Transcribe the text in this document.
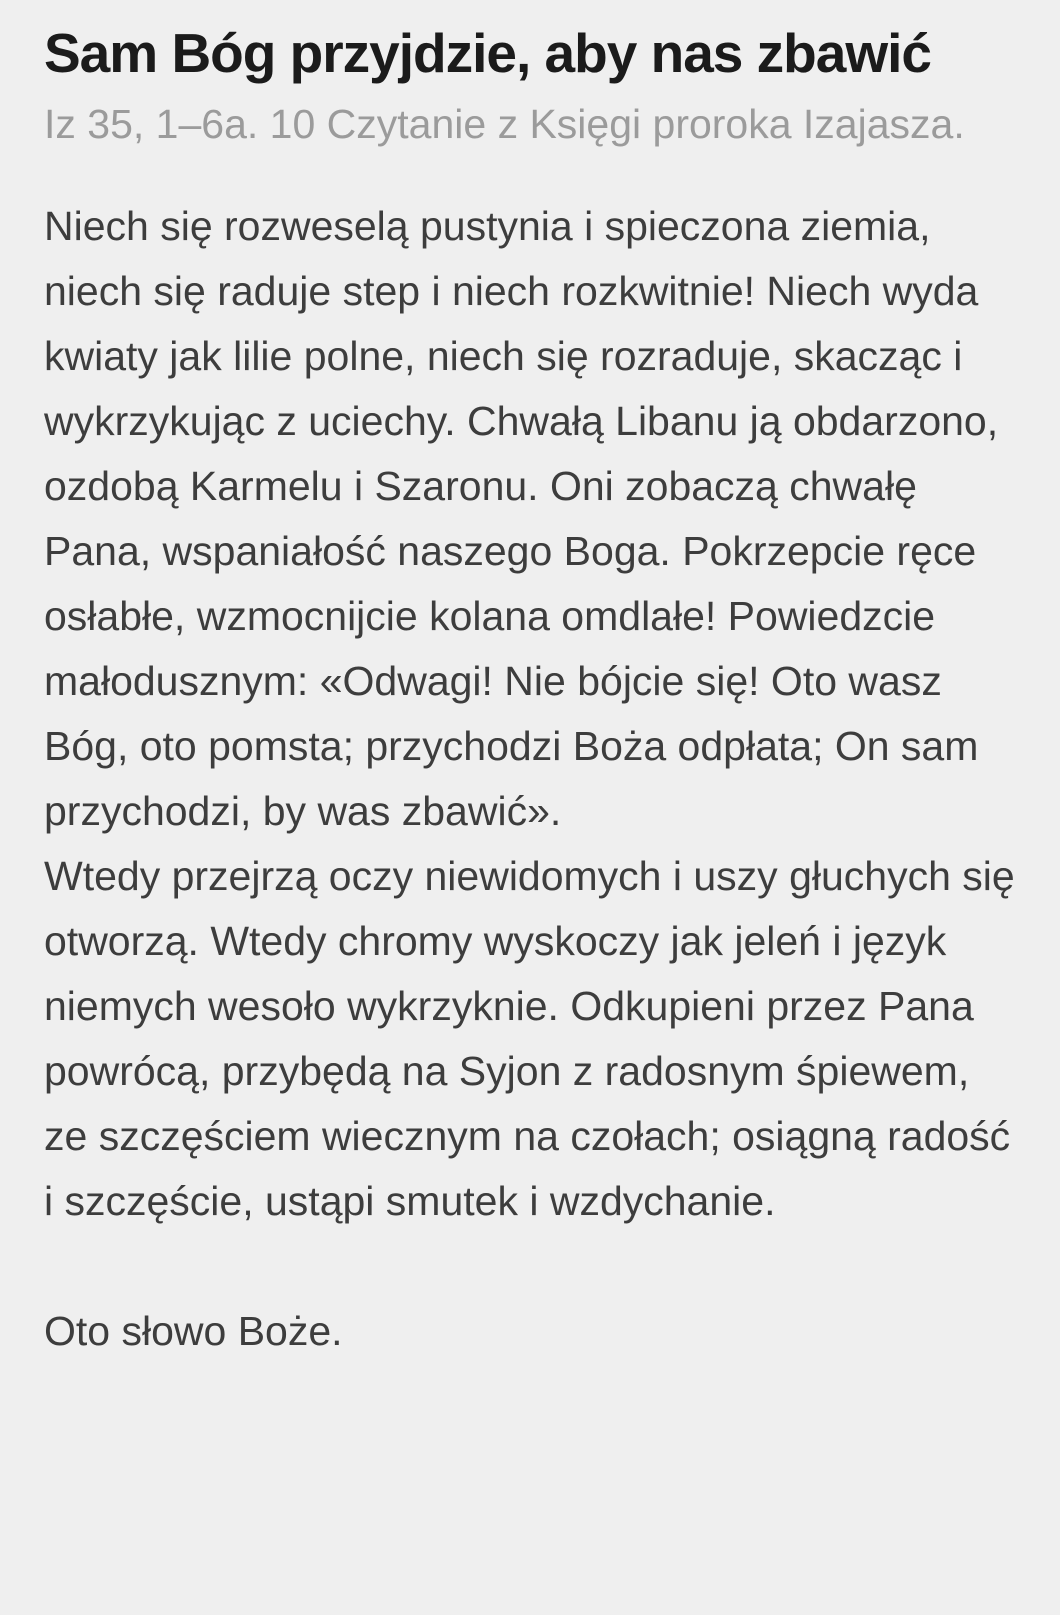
Sam Bóg przyjdzie, aby nas zbawić

Iz 35, 1–6a. 10 Czytanie z Księgi proroka Izajasza.

Niech się rozweselą pustynia i spieczona ziemia, niech się raduje step i niech rozkwitnie! Niech wyda kwiaty jak lilie polne, niech się rozraduje, skacząc i wykrzykując z uciechy. Chwałą Libanu ją obdarzono, ozdobą Karmelu i Szaronu. Oni zobaczą chwałę Pana, wspaniałość naszego Boga. Pokrzepcie ręce osłabłe, wzmocnijcie kolana omdlałe! Powiedzcie małodusznym: «Odwagi! Nie bójcie się! Oto wasz Bóg, oto pomsta; przychodzi Boża odpłata; On sam przychodzi, by was zbawić».

Wtedy przejrzą oczy niewidomych i uszy głuchych się otworzą. Wtedy chromy wyskoczy jak jeleń i język niemych wesoło wykrzyknie. Odkupieni przez Pana powrócą, przybędą na Syjon z radosnym śpiewem, ze szczęściem wiecznym na czołach; osiągną radość i szczęście, ustąpi smutek i wzdychanie.

Oto słowo Boże.
